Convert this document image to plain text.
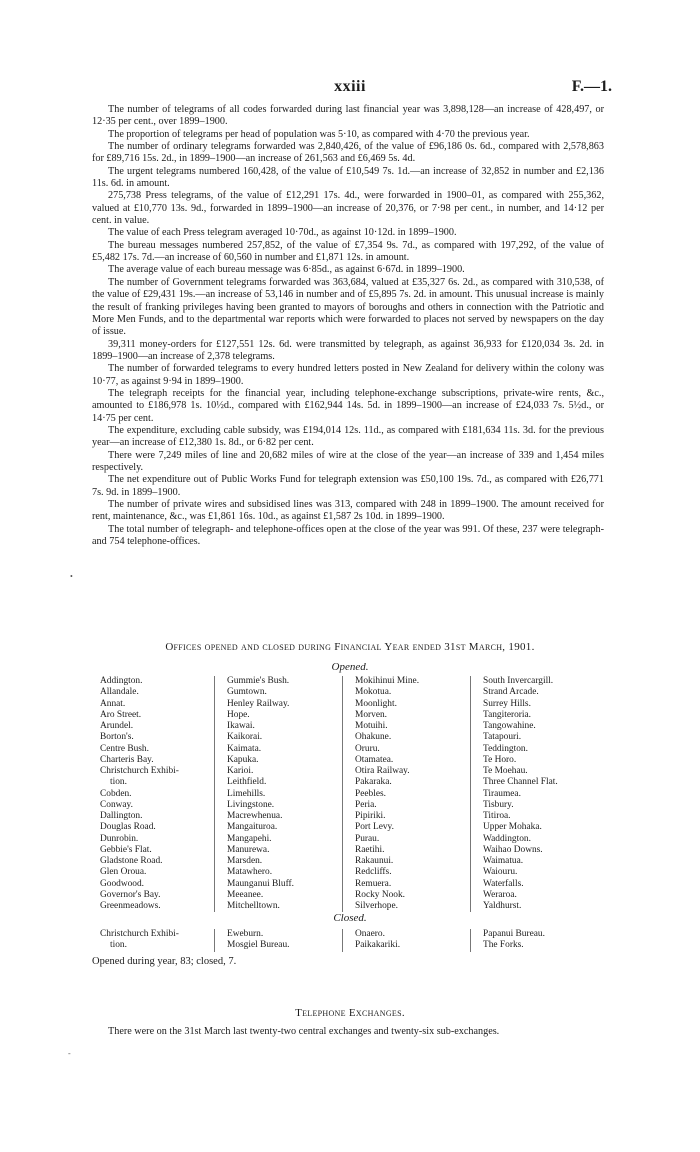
xxiii	F.—1.

The number of telegrams of all codes forwarded during last financial year was 3,898,128—an increase of 428,497, or 12·35 per cent., over 1899–1900.

The proportion of telegrams per head of population was 5·10, as compared with 4·70 the previous year.

The number of ordinary telegrams forwarded was 2,840,426, of the value of £96,186 0s. 6d., compared with 2,578,863 for £89,716 15s. 2d., in 1899–1900—an increase of 261,563 and £6,469 5s. 4d.

The urgent telegrams numbered 160,428, of the value of £10,549 7s. 1d.—an increase of 32,852 in number and £2,136 11s. 6d. in amount.

275,738 Press telegrams, of the value of £12,291 17s. 4d., were forwarded in 1900–01, as compared with 255,362, valued at £10,770 13s. 9d., forwarded in 1899–1900—an increase of 20,376, or 7·98 per cent., in number, and 14·12 per cent. in value.

The value of each Press telegram averaged 10·70d., as against 10·12d. in 1899–1900.

The bureau messages numbered 257,852, of the value of £7,354 9s. 7d., as compared with 197,292, of the value of £5,482 17s. 7d.—an increase of 60,560 in number and £1,871 12s. in amount.

The average value of each bureau message was 6·85d., as against 6·67d. in 1899–1900.

The number of Government telegrams forwarded was 363,684, valued at £35,327 6s. 2d., as compared with 310,538, of the value of £29,431 19s.—an increase of 53,146 in number and of £5,895 7s. 2d. in amount. This unusual increase is mainly the result of franking privileges having been granted to mayors of boroughs and others in connection with the Patriotic and More Men Funds, and to the departmental war reports which were forwarded to places not served by newspapers on the day of issue.

39,311 money-orders for £127,551 12s. 6d. were transmitted by telegraph, as against 36,933 for £120,034 3s. 2d. in 1899–1900—an increase of 2,378 telegrams.

The number of forwarded telegrams to every hundred letters posted in New Zealand for delivery within the colony was 10·77, as against 9·94 in 1899–1900.

The telegraph receipts for the financial year, including telephone-exchange subscriptions, private-wire rents, &c., amounted to £186,978 1s. 10½d., compared with £162,944 14s. 5d. in 1899–1900—an increase of £24,033 7s. 5½d., or 14·75 per cent.

The expenditure, excluding cable subsidy, was £194,014 12s. 11d., as compared with £181,634 11s. 3d. for the previous year—an increase of £12,380 1s. 8d., or 6·82 per cent.

There were 7,249 miles of line and 20,682 miles of wire at the close of the year—an increase of 339 and 1,454 miles respectively.

The net expenditure out of Public Works Fund for telegraph extension was £50,100 19s. 7d., as compared with £26,771 7s. 9d. in 1899–1900.

The number of private wires and subsidised lines was 313, compared with 248 in 1899–1900. The amount received for rent, maintenance, &c., was £1,861 16s. 10d., as against £1,587 2s 10d. in 1899–1900.

The total number of telegraph- and telephone-offices open at the close of the year was 991. Of these, 237 were telegraph- and 754 telephone-offices.

•
Offices opened and closed during Financial Year ended 31st March, 1901.
Opened.
Addington.
Allandale.
Annat.
Aro Street.
Arundel.
Borton's.
Centre Bush.
Charteris Bay.
Christchurch Exhibi-
tion.
Cobden.
Conway.
Dallington.
Douglas Road.
Dunrobin.
Gebbie's Flat.
Gladstone Road.
Glen Oroua.
Goodwood.
Governor's Bay.
Greenmeadows.
Gummie's Bush.
Gumtown.
Henley Railway.
Hope.
Ikawai.
Kaikorai.
Kaimata.
Kapuka.
Karioi.
Leithfield.
Limehills.
Livingstone.
Macrewhenua.
Mangaituroa.
Mangapehi.
Manurewa.
Marsden.
Matawhero.
Maunganui Bluff.
Meeanee.
Mitchelltown.
Mokihinui Mine.
Mokotua.
Moonlight.
Morven.
Motuihi.
Ohakune.
Oruru.
Otamatea.
Otira Railway.
Pakaraka.
Peebles.
Peria.
Pipiriki.
Port Levy.
Purau.
Raetihi.
Rakaunui.
Redcliffs.
Remuera.
Rocky Nook.
Silverhope.
South Invercargill.
Strand Arcade.
Surrey Hills.
Tangiteroria.
Tangowahine.
Tatapouri.
Teddington.
Te Horo.
Te Moehau.
Three Channel Flat.
Tiraumea.
Tisbury.
Titiroa.
Upper Mohaka.
Waddington.
Waihao Downs.
Waimatua.
Waiouru.
Waterfalls.
Weraroa.
Yaldhurst.
Closed.
Christchurch Exhibi-
tion.
Eweburn.
Mosgiel Bureau.
Onaero.
Paikakariki.
Papanui Bureau.
The Forks.
Opened during year, 83; closed, 7.
Telephone Exchanges.

There were on the 31st March last twenty-two central exchanges and twenty-six sub-exchanges.

-
